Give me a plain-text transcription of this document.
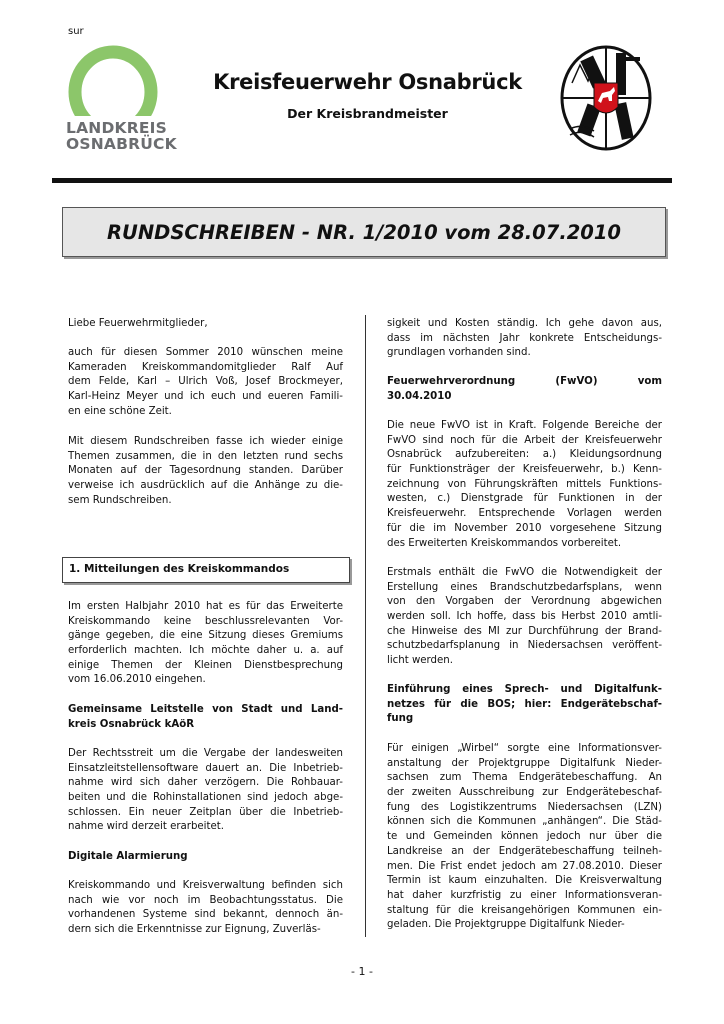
sur
LANDKREIS
OSNABRÜCK
Kreisfeuerwehr Osnabrück
Der Kreisbrandmeister
RUNDSCHREIBEN - NR. 1/2010 vom 28.07.2010
1. Mitteilungen des Kreiskommandos
Liebe Feuerwehrmitglieder,
auch für diesen Sommer 2010 wünschen meine
Kameraden Kreiskommandomitglieder Ralf Auf
dem Felde, Karl – Ulrich Voß, Josef Brockmeyer,
Karl-Heinz Meyer und ich euch und eueren Famili-
en eine schöne Zeit.
Mit diesem Rundschreiben fasse ich wieder einige
Themen zusammen, die in den letzten rund sechs
Monaten auf der Tagesordnung standen. Darüber
verweise ich ausdrücklich auf die Anhänge zu die-
sem Rundschreiben.
Im ersten Halbjahr 2010 hat es für das Erweiterte
Kreiskommando keine beschlussrelevanten Vor-
gänge gegeben, die eine Sitzung dieses Gremiums
erforderlich machten. Ich möchte daher u. a. auf
einige Themen der Kleinen Dienstbesprechung
vom 16.06.2010 eingehen.
Gemeinsame Leitstelle von Stadt und Land-
kreis Osnabrück kAöR
Der Rechtsstreit um die Vergabe der landesweiten
Einsatzleitstellensoftware dauert an. Die Inbetrieb-
nahme wird sich daher verzögern. Die Rohbauar-
beiten und die Rohinstallationen sind jedoch abge-
schlossen. Ein neuer Zeitplan über die Inbetrieb-
nahme wird derzeit erarbeitet.
Digitale Alarmierung
Kreiskommando und Kreisverwaltung befinden sich
nach wie vor noch im Beobachtungsstatus. Die
vorhandenen Systeme sind bekannt, dennoch än-
dern sich die Erkenntnisse zur Eignung, Zuverläs-
sigkeit und Kosten ständig. Ich gehe davon aus,
dass im nächsten Jahr konkrete Entscheidungs-
grundlagen vorhanden sind.
Feuerwehrverordnung (FwVO) vom
30.04.2010
Die neue FwVO ist in Kraft. Folgende Bereiche der
FwVO sind noch für die Arbeit der Kreisfeuerwehr
Osnabrück aufzubereiten: a.) Kleidungsordnung
für Funktionsträger der Kreisfeuerwehr, b.) Kenn-
zeichnung von Führungskräften mittels Funktions-
westen, c.) Dienstgrade für Funktionen in der
Kreisfeuerwehr. Entsprechende Vorlagen werden
für die im November 2010 vorgesehene Sitzung
des Erweiterten Kreiskommandos vorbereitet.
Erstmals enthält die FwVO die Notwendigkeit der
Erstellung eines Brandschutzbedarfsplans, wenn
von den Vorgaben der Verordnung abgewichen
werden soll. Ich hoffe, dass bis Herbst 2010 amtli-
che Hinweise des MI zur Durchführung der Brand-
schutzbedarfsplanung in Niedersachsen veröffent-
licht werden.
Einführung eines Sprech- und Digitalfunk-
netzes für die BOS; hier: Endgerätebschaf-
fung
Für einigen „Wirbel“ sorgte eine Informationsver-
anstaltung der Projektgruppe Digitalfunk Nieder-
sachsen zum Thema Endgerätebeschaffung. An
der zweiten Ausschreibung zur Endgerätebeschaf-
fung des Logistikzentrums Niedersachsen (LZN)
können sich die Kommunen „anhängen“. Die Städ-
te und Gemeinden können jedoch nur über die
Landkreise an der Endgerätebeschaffung teilneh-
men. Die Frist endet jedoch am 27.08.2010. Dieser
Termin ist kaum einzuhalten. Die Kreisverwaltung
hat daher kurzfristig zu einer Informationsveran-
staltung für die kreisangehörigen Kommunen ein-
geladen. Die Projektgruppe Digitalfunk Nieder-
- 1 -
